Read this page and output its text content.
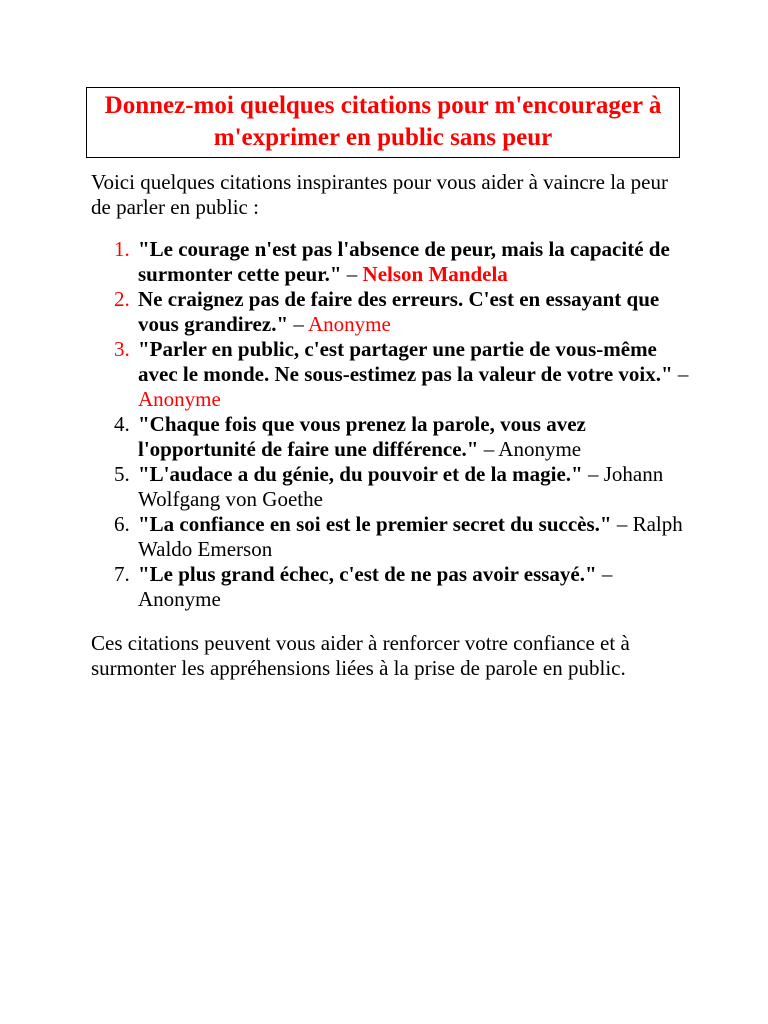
Donnez-moi quelques citations pour m'encourager à m'exprimer en public sans peur
Voici quelques citations inspirantes pour vous aider à vaincre la peur de parler en public :
1. "Le courage n'est pas l'absence de peur, mais la capacité de surmonter cette peur." – Nelson Mandela
2. Ne craignez pas de faire des erreurs. C'est en essayant que vous grandirez." – Anonyme
3. "Parler en public, c'est partager une partie de vous-même avec le monde. Ne sous-estimez pas la valeur de votre voix." – Anonyme
4. "Chaque fois que vous prenez la parole, vous avez l'opportunité de faire une différence." – Anonyme
5. "L'audace a du génie, du pouvoir et de la magie." – Johann Wolfgang von Goethe
6. "La confiance en soi est le premier secret du succès." – Ralph Waldo Emerson
7. "Le plus grand échec, c'est de ne pas avoir essayé." – Anonyme
Ces citations peuvent vous aider à renforcer votre confiance et à surmonter les appréhensions liées à la prise de parole en public.
